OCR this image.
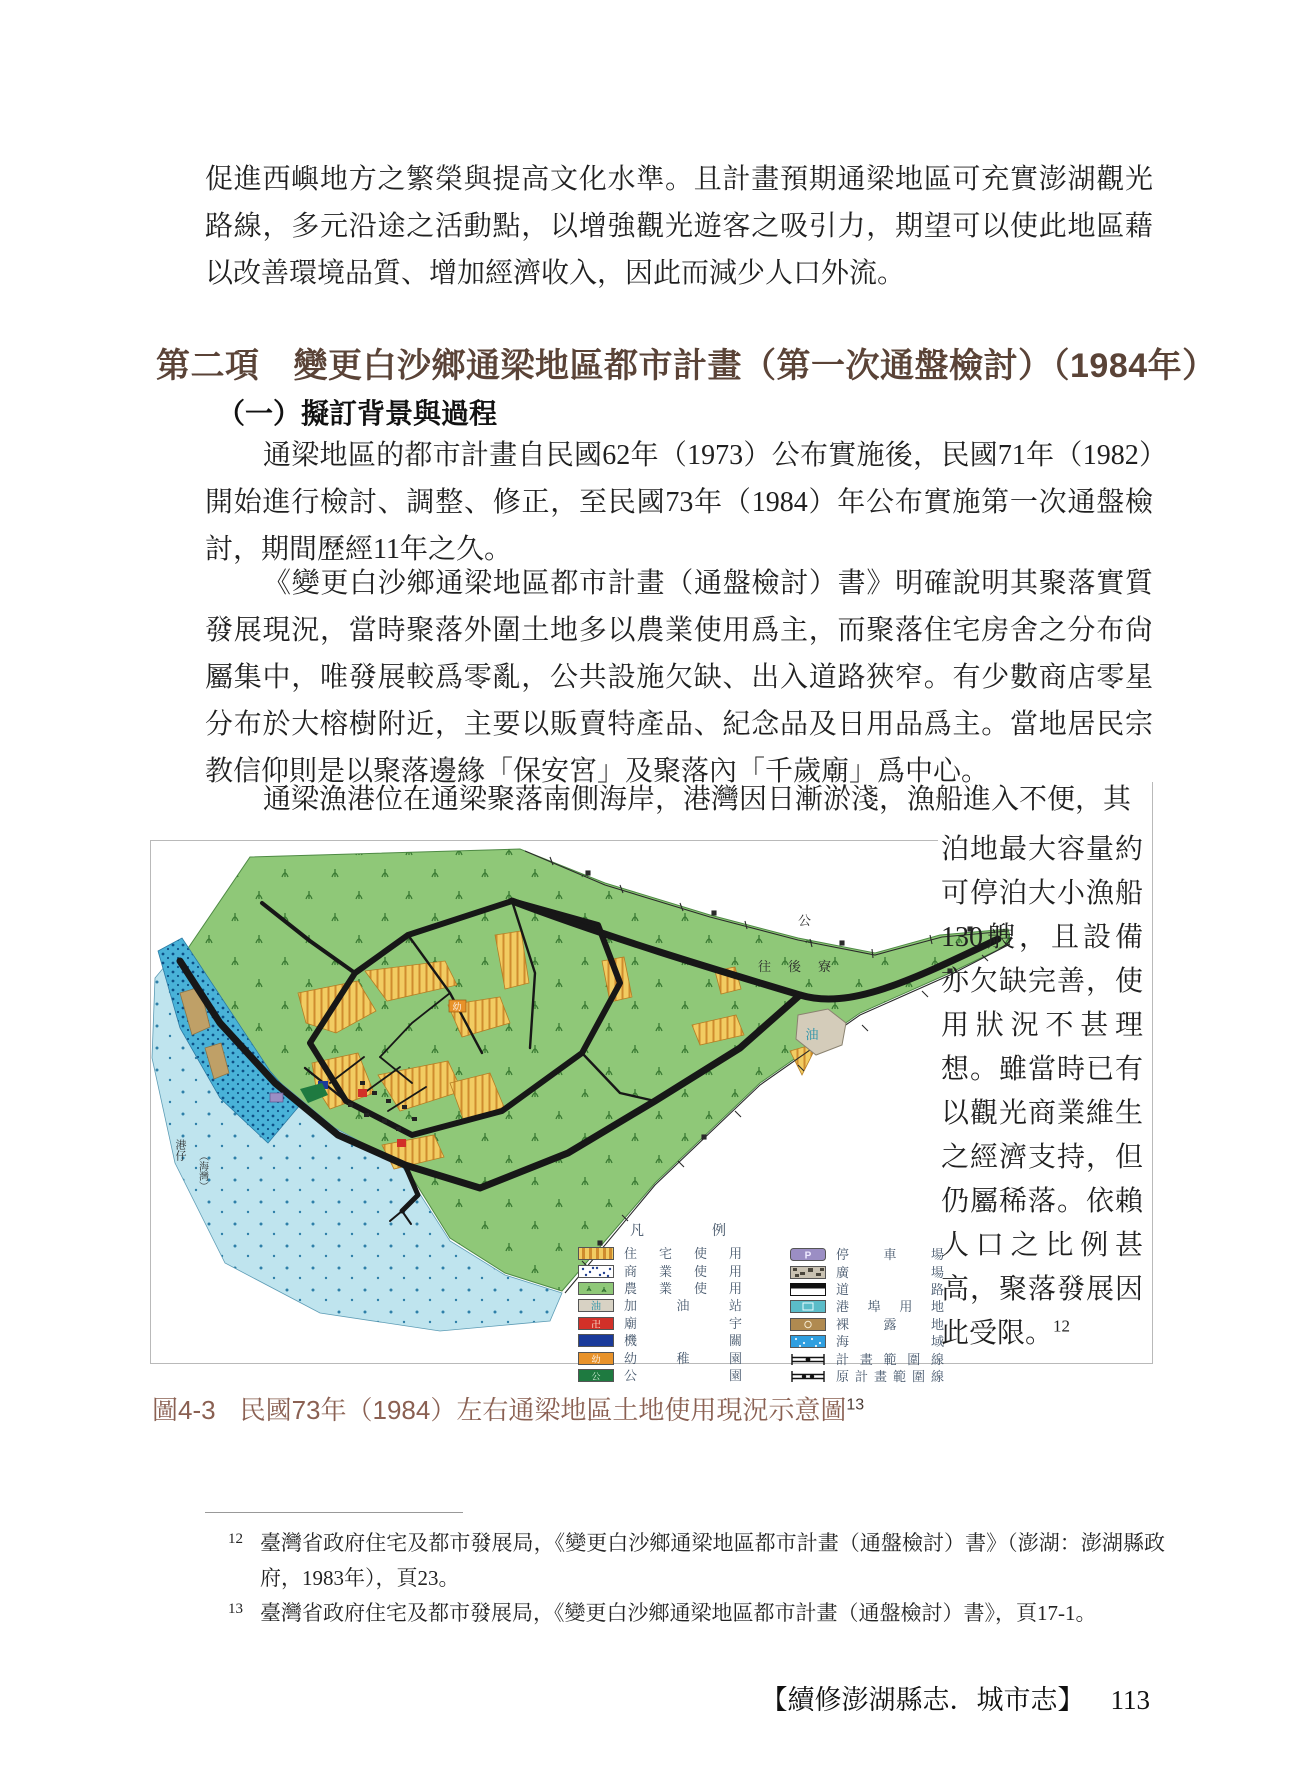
促進西嶼地方之繁榮與提高文化水準。且計畫預期通梁地區可充實澎湖觀光路線，多元沿途之活動點，以增強觀光遊客之吸引力，期望可以使此地區藉以改善環境品質、增加經濟收入，因此而減少人口外流。
第二項 變更白沙鄉通梁地區都市計畫（第一次通盤檢討）（1984年）
（一）擬訂背景與過程
通梁地區的都市計畫自民國62年（1973）公布實施後，民國71年（1982）開始進行檢討、調整、修正，至民國73年（1984）年公布實施第一次通盤檢討，期間歷經11年之久。
《變更白沙鄉通梁地區都市計畫（通盤檢討）書》明確說明其聚落實質發展現況，當時聚落外圍土地多以農業使用爲主，而聚落住宅房舍之分布尙屬集中，唯發展較爲零亂，公共設施欠缺、出入道路狹窄。有少數商店零星分布於大榕樹附近，主要以販賣特產品、紀念品及日用品爲主。當地居民宗教信仰則是以聚落邊緣「保安宮」及聚落內「千歲廟」爲中心。
通梁漁港位在通梁聚落南側海岸，港灣因日漸淤淺，漁船進入不便，其
幼
油
往後寮
公
港仔
（海灣）
凡例
住宅使用
商業使用
農業使用
油 加油站
卍 廟宇
機關
幼 幼稚園
公 公園
P 停車場
廣場
道路
港埠用地
裸露地
海域
計畫範圍線
原計畫範圍線
泊地最大容量約可停泊大小漁船130艘，且設備亦欠缺完善，使用狀況不甚理想。雖當時已有以觀光商業維生之經濟支持，但仍屬稀落。依賴人口之比例甚高，聚落發展因此受限。$^{12}$
圖4-3 民國73年（1984）左右通梁地區土地使用現況示意圖$^{13}$
12 臺灣省政府住宅及都市發展局，《變更白沙鄉通梁地區都市計畫（通盤檢討）書》（澎湖：澎湖縣政府，1983年），頁23。
13 臺灣省政府住宅及都市發展局，《變更白沙鄉通梁地區都市計畫（通盤檢討）書》，頁17-1。
【續修澎湖縣志．城市志】 113
